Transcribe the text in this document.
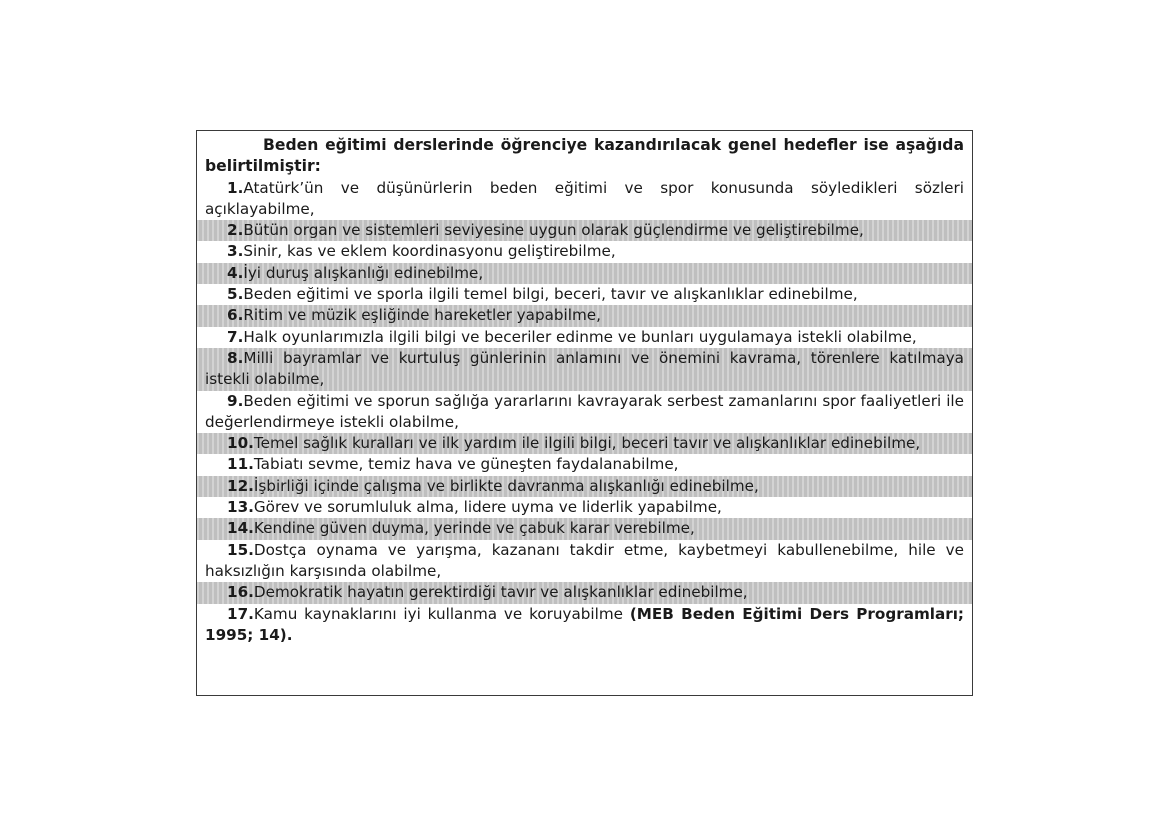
Beden eğitimi derslerinde öğrenciye kazandırılacak genel hedefler ise aşağıda belirtilmiştir:
1.Atatürk’ün ve düşünürlerin beden eğitimi ve spor konusunda söyledikleri sözleri açıklayabilme,
2.Bütün organ ve sistemleri seviyesine uygun olarak güçlendirme ve geliştirebilme,
3.Sinir, kas ve eklem koordinasyonu geliştirebilme,
4.İyi duruş alışkanlığı edinebilme,
5.Beden eğitimi ve sporla ilgili temel bilgi, beceri, tavır ve alışkanlıklar edinebilme,
6.Ritim ve müzik eşliğinde hareketler yapabilme,
7.Halk oyunlarımızla ilgili bilgi ve beceriler edinme ve bunları uygulamaya istekli olabilme,
8.Milli bayramlar ve kurtuluş günlerinin anlamını ve önemini kavrama, törenlere katılmaya istekli olabilme,
9.Beden eğitimi ve sporun sağlığa yararlarını kavrayarak serbest zamanlarını spor faaliyetleri ile değerlendirmeye istekli olabilme,
10.Temel sağlık kuralları ve ilk yardım ile ilgili bilgi, beceri tavır ve alışkanlıklar edinebilme,
11.Tabiatı sevme, temiz hava ve güneşten faydalanabilme,
12.İşbirliği içinde çalışma ve birlikte davranma alışkanlığı edinebilme,
13.Görev ve sorumluluk alma, lidere uyma ve liderlik yapabilme,
14.Kendine güven duyma, yerinde ve çabuk karar verebilme,
15.Dostça oynama ve yarışma, kazananı takdir etme, kaybetmeyi kabullenebilme, hile ve haksızlığın karşısında olabilme,
16.Demokratik hayatın gerektirdiği tavır ve alışkanlıklar edinebilme,
17.Kamu kaynaklarını iyi kullanma ve koruyabilme (MEB Beden Eğitimi Ders Programları; 1995; 14).
